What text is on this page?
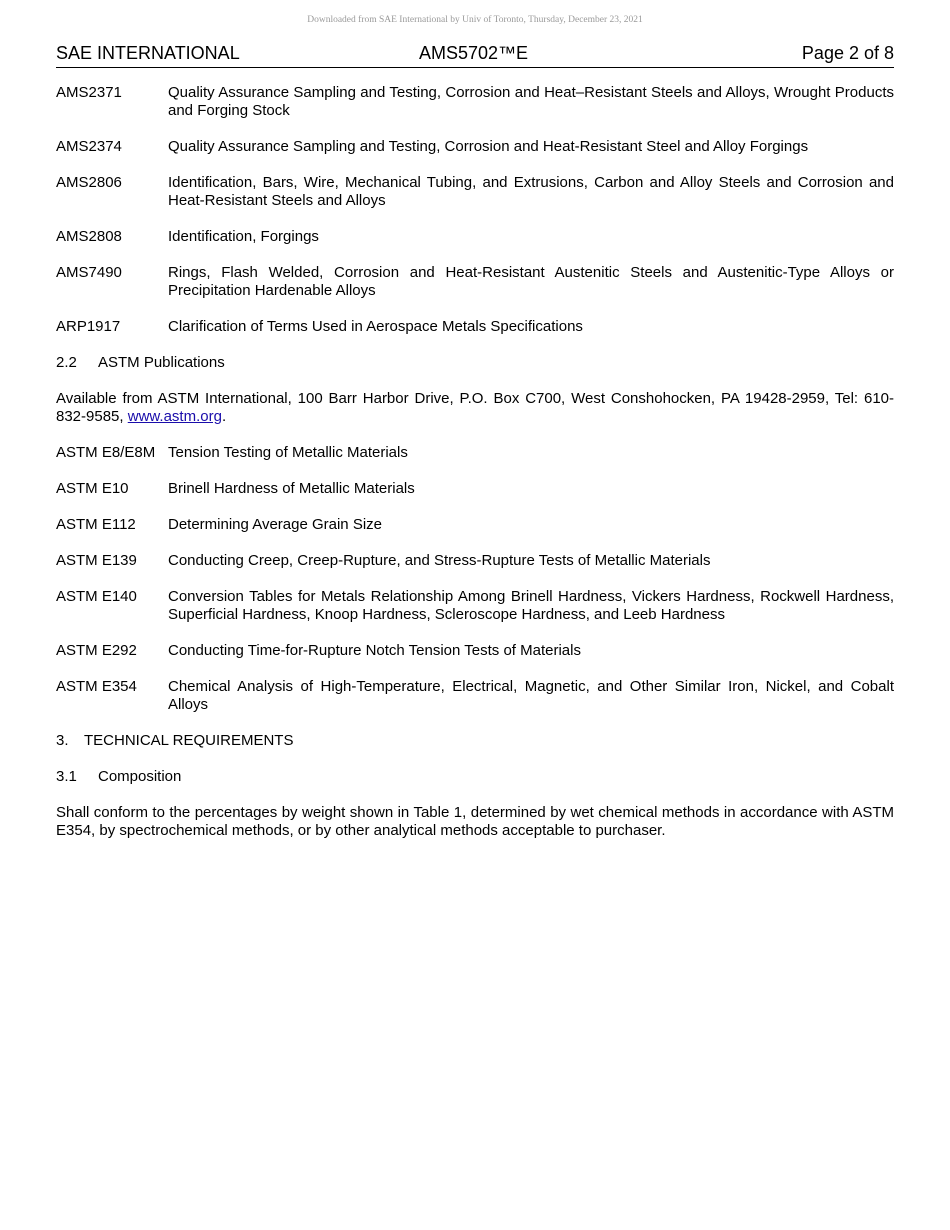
Downloaded from SAE International by Univ of Toronto, Thursday, December 23, 2021
SAE INTERNATIONAL	AMS5702™E	Page 2 of 8
AMS2371	Quality Assurance Sampling and Testing, Corrosion and Heat–Resistant Steels and Alloys, Wrought Products and Forging Stock
AMS2374	Quality Assurance Sampling and Testing, Corrosion and Heat-Resistant Steel and Alloy Forgings
AMS2806	Identification, Bars, Wire, Mechanical Tubing, and Extrusions, Carbon and Alloy Steels and Corrosion and Heat-Resistant Steels and Alloys
AMS2808	Identification, Forgings
AMS7490	Rings, Flash Welded, Corrosion and Heat-Resistant Austenitic Steels and Austenitic-Type Alloys or Precipitation Hardenable Alloys
ARP1917	Clarification of Terms Used in Aerospace Metals Specifications
2.2 ASTM Publications
Available from ASTM International, 100 Barr Harbor Drive, P.O. Box C700, West Conshohocken, PA 19428-2959, Tel: 610-832-9585, www.astm.org.
ASTM E8/E8M Tension Testing of Metallic Materials
ASTM E10	Brinell Hardness of Metallic Materials
ASTM E112	Determining Average Grain Size
ASTM E139	Conducting Creep, Creep-Rupture, and Stress-Rupture Tests of Metallic Materials
ASTM E140	Conversion Tables for Metals Relationship Among Brinell Hardness, Vickers Hardness, Rockwell Hardness, Superficial Hardness, Knoop Hardness, Scleroscope Hardness, and Leeb Hardness
ASTM E292	Conducting Time-for-Rupture Notch Tension Tests of Materials
ASTM E354	Chemical Analysis of High-Temperature, Electrical, Magnetic, and Other Similar Iron, Nickel, and Cobalt Alloys
3. TECHNICAL REQUIREMENTS
3.1 Composition
Shall conform to the percentages by weight shown in Table 1, determined by wet chemical methods in accordance with ASTM E354, by spectrochemical methods, or by other analytical methods acceptable to purchaser.
